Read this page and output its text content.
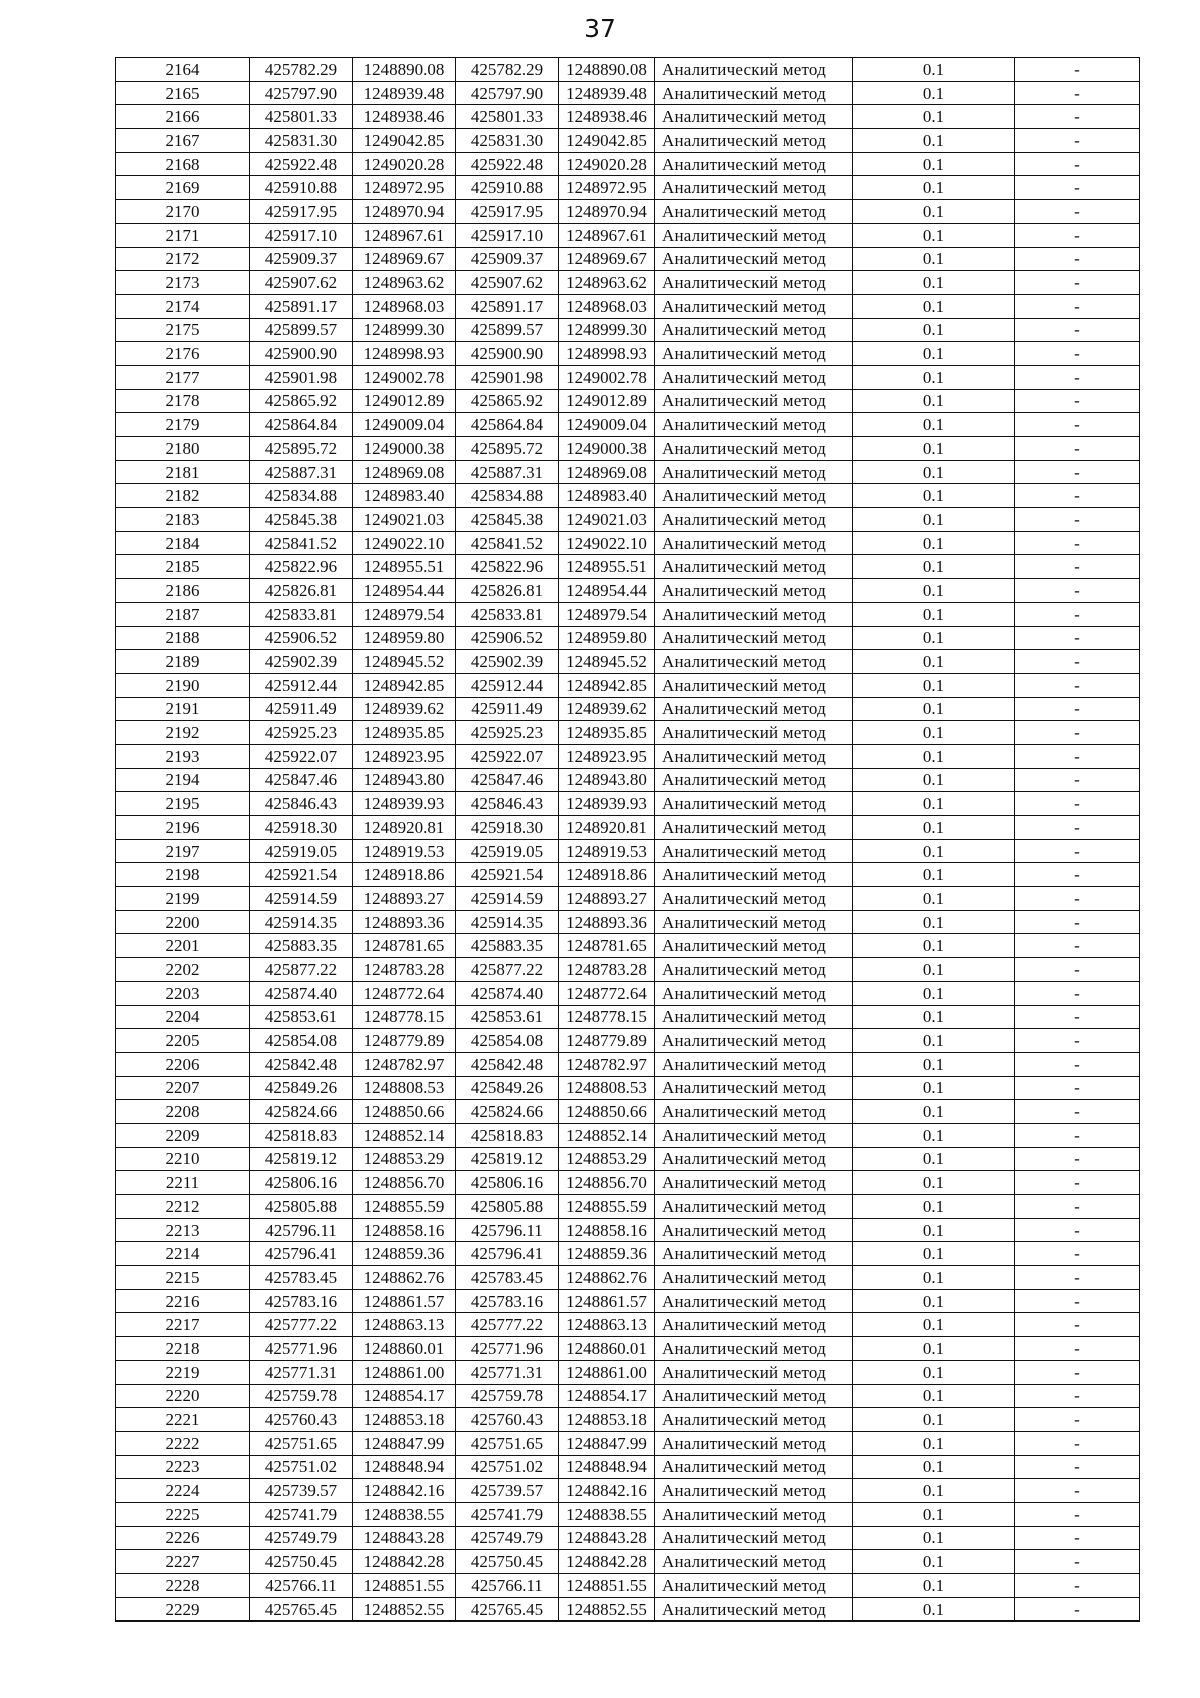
37
2164	425782.29	1248890.08	425782.29	1248890.08	Аналитический метод	0.1	-
2165	425797.90	1248939.48	425797.90	1248939.48	Аналитический метод	0.1	-
2166	425801.33	1248938.46	425801.33	1248938.46	Аналитический метод	0.1	-
2167	425831.30	1249042.85	425831.30	1249042.85	Аналитический метод	0.1	-
2168	425922.48	1249020.28	425922.48	1249020.28	Аналитический метод	0.1	-
2169	425910.88	1248972.95	425910.88	1248972.95	Аналитический метод	0.1	-
2170	425917.95	1248970.94	425917.95	1248970.94	Аналитический метод	0.1	-
2171	425917.10	1248967.61	425917.10	1248967.61	Аналитический метод	0.1	-
2172	425909.37	1248969.67	425909.37	1248969.67	Аналитический метод	0.1	-
2173	425907.62	1248963.62	425907.62	1248963.62	Аналитический метод	0.1	-
2174	425891.17	1248968.03	425891.17	1248968.03	Аналитический метод	0.1	-
2175	425899.57	1248999.30	425899.57	1248999.30	Аналитический метод	0.1	-
2176	425900.90	1248998.93	425900.90	1248998.93	Аналитический метод	0.1	-
2177	425901.98	1249002.78	425901.98	1249002.78	Аналитический метод	0.1	-
2178	425865.92	1249012.89	425865.92	1249012.89	Аналитический метод	0.1	-
2179	425864.84	1249009.04	425864.84	1249009.04	Аналитический метод	0.1	-
2180	425895.72	1249000.38	425895.72	1249000.38	Аналитический метод	0.1	-
2181	425887.31	1248969.08	425887.31	1248969.08	Аналитический метод	0.1	-
2182	425834.88	1248983.40	425834.88	1248983.40	Аналитический метод	0.1	-
2183	425845.38	1249021.03	425845.38	1249021.03	Аналитический метод	0.1	-
2184	425841.52	1249022.10	425841.52	1249022.10	Аналитический метод	0.1	-
2185	425822.96	1248955.51	425822.96	1248955.51	Аналитический метод	0.1	-
2186	425826.81	1248954.44	425826.81	1248954.44	Аналитический метод	0.1	-
2187	425833.81	1248979.54	425833.81	1248979.54	Аналитический метод	0.1	-
2188	425906.52	1248959.80	425906.52	1248959.80	Аналитический метод	0.1	-
2189	425902.39	1248945.52	425902.39	1248945.52	Аналитический метод	0.1	-
2190	425912.44	1248942.85	425912.44	1248942.85	Аналитический метод	0.1	-
2191	425911.49	1248939.62	425911.49	1248939.62	Аналитический метод	0.1	-
2192	425925.23	1248935.85	425925.23	1248935.85	Аналитический метод	0.1	-
2193	425922.07	1248923.95	425922.07	1248923.95	Аналитический метод	0.1	-
2194	425847.46	1248943.80	425847.46	1248943.80	Аналитический метод	0.1	-
2195	425846.43	1248939.93	425846.43	1248939.93	Аналитический метод	0.1	-
2196	425918.30	1248920.81	425918.30	1248920.81	Аналитический метод	0.1	-
2197	425919.05	1248919.53	425919.05	1248919.53	Аналитический метод	0.1	-
2198	425921.54	1248918.86	425921.54	1248918.86	Аналитический метод	0.1	-
2199	425914.59	1248893.27	425914.59	1248893.27	Аналитический метод	0.1	-
2200	425914.35	1248893.36	425914.35	1248893.36	Аналитический метод	0.1	-
2201	425883.35	1248781.65	425883.35	1248781.65	Аналитический метод	0.1	-
2202	425877.22	1248783.28	425877.22	1248783.28	Аналитический метод	0.1	-
2203	425874.40	1248772.64	425874.40	1248772.64	Аналитический метод	0.1	-
2204	425853.61	1248778.15	425853.61	1248778.15	Аналитический метод	0.1	-
2205	425854.08	1248779.89	425854.08	1248779.89	Аналитический метод	0.1	-
2206	425842.48	1248782.97	425842.48	1248782.97	Аналитический метод	0.1	-
2207	425849.26	1248808.53	425849.26	1248808.53	Аналитический метод	0.1	-
2208	425824.66	1248850.66	425824.66	1248850.66	Аналитический метод	0.1	-
2209	425818.83	1248852.14	425818.83	1248852.14	Аналитический метод	0.1	-
2210	425819.12	1248853.29	425819.12	1248853.29	Аналитический метод	0.1	-
2211	425806.16	1248856.70	425806.16	1248856.70	Аналитический метод	0.1	-
2212	425805.88	1248855.59	425805.88	1248855.59	Аналитический метод	0.1	-
2213	425796.11	1248858.16	425796.11	1248858.16	Аналитический метод	0.1	-
2214	425796.41	1248859.36	425796.41	1248859.36	Аналитический метод	0.1	-
2215	425783.45	1248862.76	425783.45	1248862.76	Аналитический метод	0.1	-
2216	425783.16	1248861.57	425783.16	1248861.57	Аналитический метод	0.1	-
2217	425777.22	1248863.13	425777.22	1248863.13	Аналитический метод	0.1	-
2218	425771.96	1248860.01	425771.96	1248860.01	Аналитический метод	0.1	-
2219	425771.31	1248861.00	425771.31	1248861.00	Аналитический метод	0.1	-
2220	425759.78	1248854.17	425759.78	1248854.17	Аналитический метод	0.1	-
2221	425760.43	1248853.18	425760.43	1248853.18	Аналитический метод	0.1	-
2222	425751.65	1248847.99	425751.65	1248847.99	Аналитический метод	0.1	-
2223	425751.02	1248848.94	425751.02	1248848.94	Аналитический метод	0.1	-
2224	425739.57	1248842.16	425739.57	1248842.16	Аналитический метод	0.1	-
2225	425741.79	1248838.55	425741.79	1248838.55	Аналитический метод	0.1	-
2226	425749.79	1248843.28	425749.79	1248843.28	Аналитический метод	0.1	-
2227	425750.45	1248842.28	425750.45	1248842.28	Аналитический метод	0.1	-
2228	425766.11	1248851.55	425766.11	1248851.55	Аналитический метод	0.1	-
2229	425765.45	1248852.55	425765.45	1248852.55	Аналитический метод	0.1	-
